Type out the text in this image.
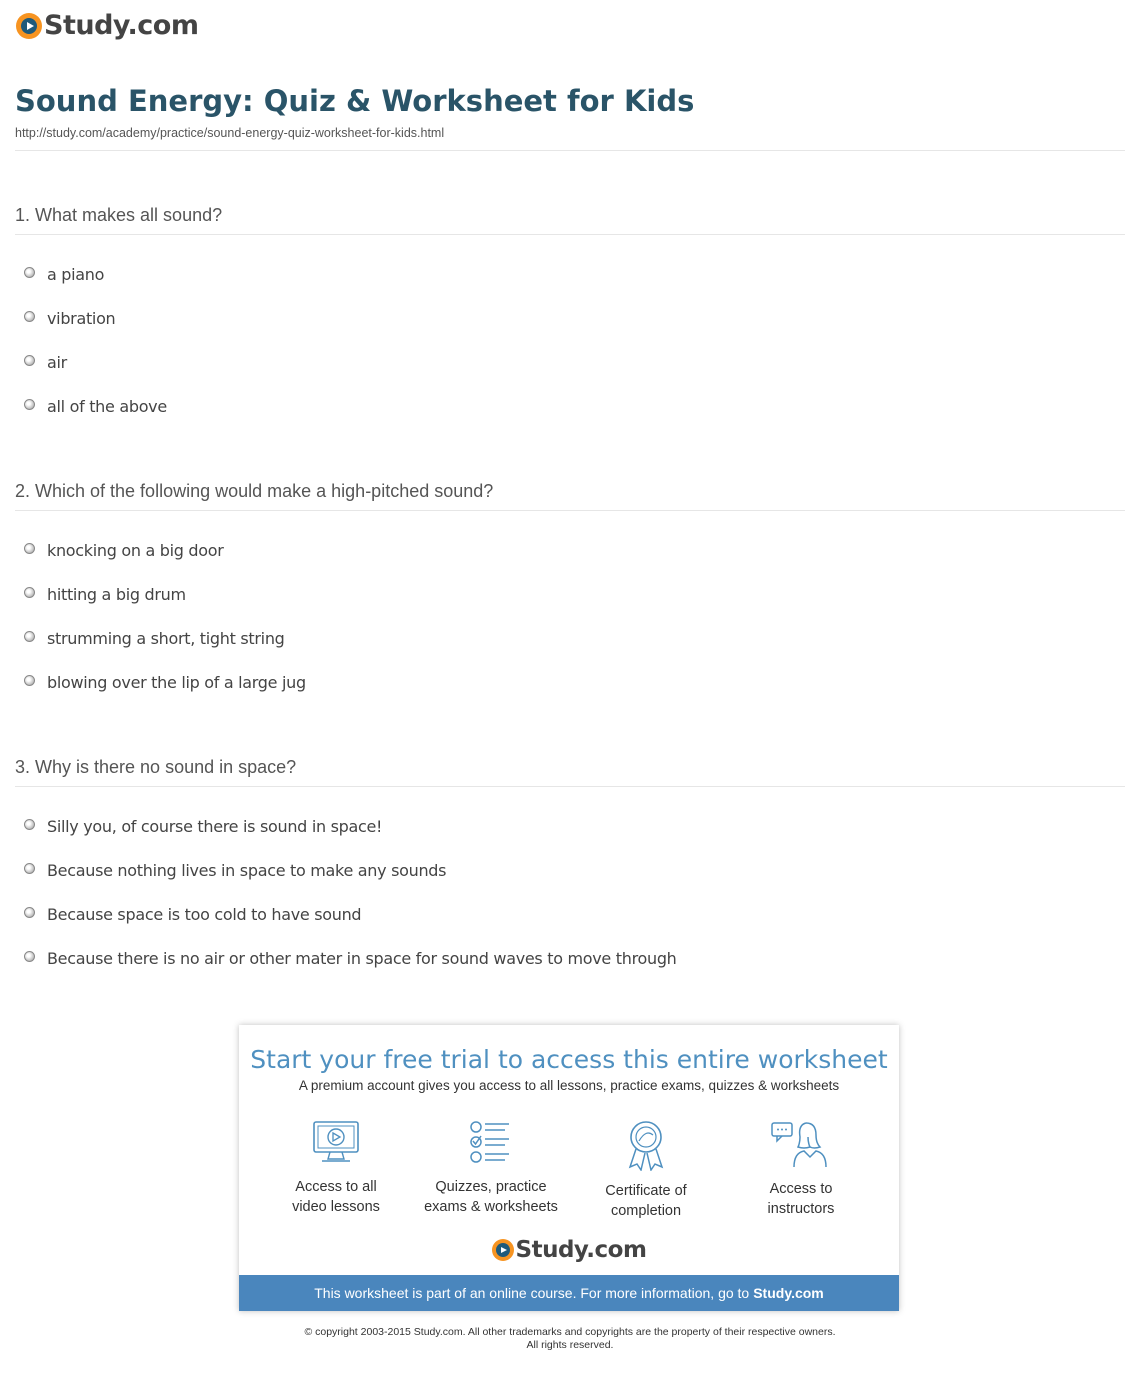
Study.com
Sound Energy: Quiz & Worksheet for Kids
http://study.com/academy/practice/sound-energy-quiz-worksheet-for-kids.html
1. What makes all sound?
a piano
vibration
air
all of the above
2. Which of the following would make a high-pitched sound?
knocking on a big door
hitting a big drum
strumming a short, tight string
blowing over the lip of a large jug
3. Why is there no sound in space?
Silly you, of course there is sound in space!
Because nothing lives in space to make any sounds
Because space is too cold to have sound
Because there is no air or other mater in space for sound waves to move through
Start your free trial to access this entire worksheet
A premium account gives you access to all lessons, practice exams, quizzes & worksheets
Access to all
video lessons
Quizzes, practice
exams & worksheets
Certificate of
completion
Access to
instructors
Study.com
This worksheet is part of an online course. For more information, go to Study.com
© copyright 2003-2015 Study.com. All other trademarks and copyrights are the property of their respective owners.
All rights reserved.
